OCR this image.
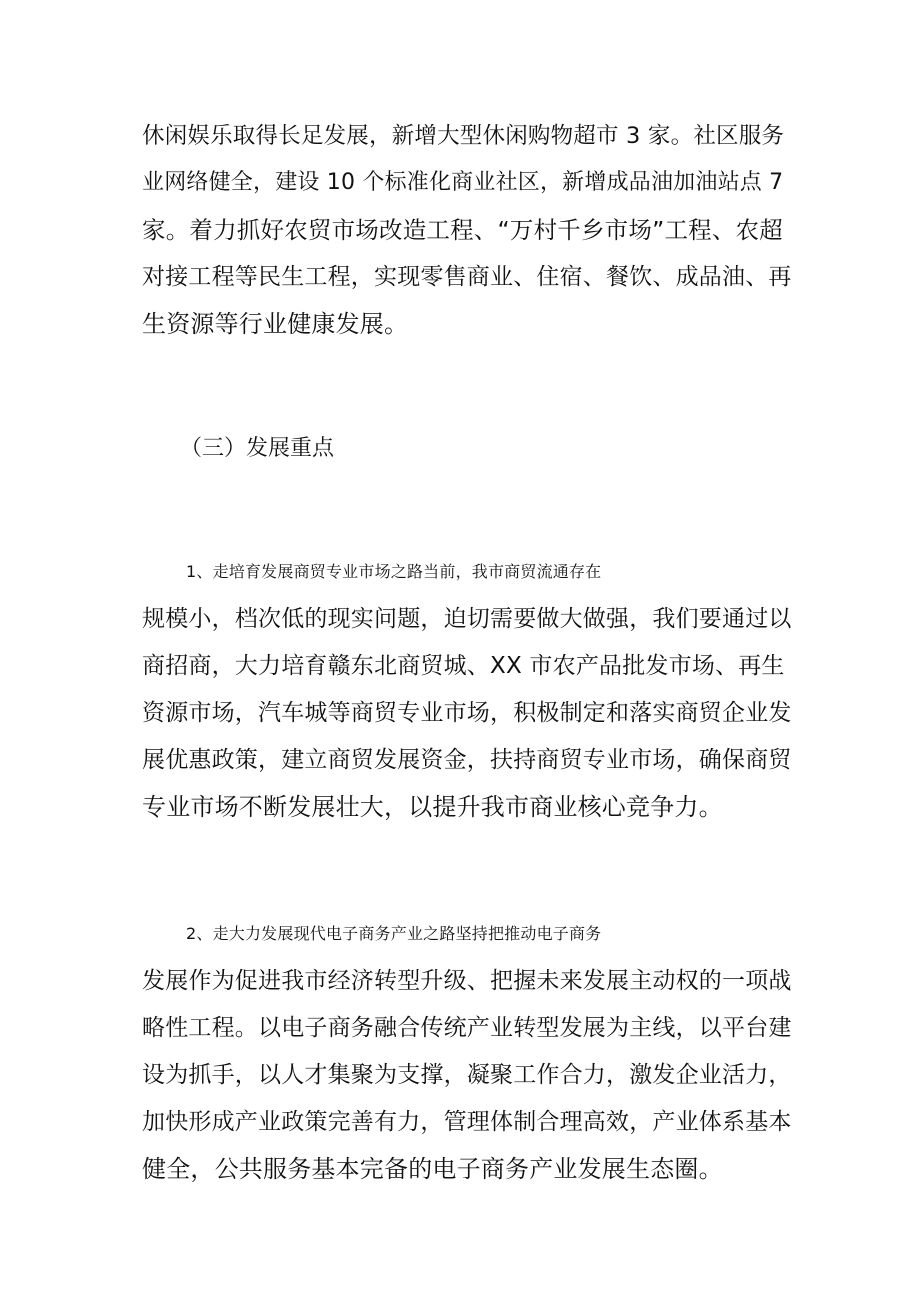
休闲娱乐取得长足发展，新增大型休闲购物超市 3 家。社区服务
业网络健全，建设 10 个标准化商业社区，新增成品油加油站点 7
家。着力抓好农贸市场改造工程、“万村千乡市场”工程、农超
对接工程等民生工程，实现零售商业、住宿、餐饮、成品油、再
生资源等行业健康发展。
（三）发展重点
1、走培育发展商贸专业市场之路当前，我市商贸流通存在
规模小，档次低的现实问题，迫切需要做大做强，我们要通过以
商招商，大力培育赣东北商贸城、XX 市农产品批发市场、再生
资源市场，汽车城等商贸专业市场，积极制定和落实商贸企业发
展优惠政策，建立商贸发展资金，扶持商贸专业市场，确保商贸
专业市场不断发展壮大，以提升我市商业核心竞争力。
2、走大力发展现代电子商务产业之路坚持把推动电子商务
发展作为促进我市经济转型升级、把握未来发展主动权的一项战
略性工程。以电子商务融合传统产业转型发展为主线，以平台建
设为抓手，以人才集聚为支撑，凝聚工作合力，激发企业活力，
加快形成产业政策完善有力，管理体制合理高效，产业体系基本
健全，公共服务基本完备的电子商务产业发展生态圈。
